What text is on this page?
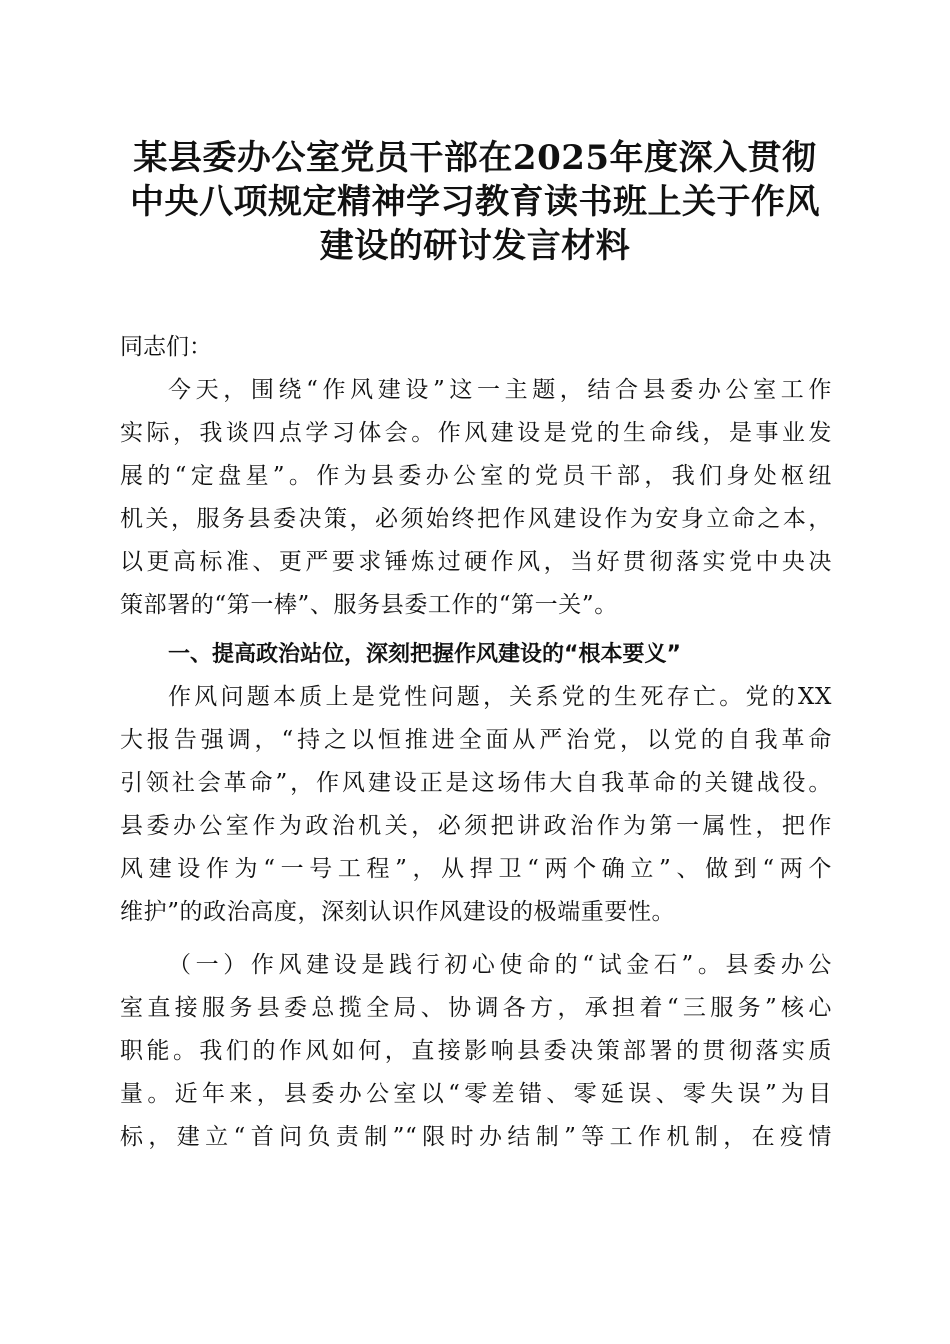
某县委办公室党员干部在2025年度深入贯彻
中央八项规定精神学习教育读书班上关于作风
建设的研讨发言材料
同志们：
今天，围绕“作风建设”这一主题，结合县委办公室工作
实际，我谈四点学习体会。作风建设是党的生命线，是事业发
展的“定盘星”。作为县委办公室的党员干部，我们身处枢纽
机关，服务县委决策，必须始终把作风建设作为安身立命之本，
以更高标准、更严要求锤炼过硬作风，当好贯彻落实党中央决
策部署的“第一棒”、服务县委工作的“第一关”。
一、提高政治站位，深刻把握作风建设的“根本要义”
作风问题本质上是党性问题，关系党的生死存亡。党的XX
大报告强调，“持之以恒推进全面从严治党，以党的自我革命
引领社会革命”，作风建设正是这场伟大自我革命的关键战役。
县委办公室作为政治机关，必须把讲政治作为第一属性，把作
风建设作为“一号工程”，从捍卫“两个确立”、做到“两个
维护”的政治高度，深刻认识作风建设的极端重要性。
（一）作风建设是践行初心使命的“试金石”。县委办公
室直接服务县委总揽全局、协调各方，承担着“三服务”核心
职能。我们的作风如何，直接影响县委决策部署的贯彻落实质
量。近年来，县委办公室以“零差错、零延误、零失误”为目
标，建立“首问负责制”“限时办结制”等工作机制，在疫情
